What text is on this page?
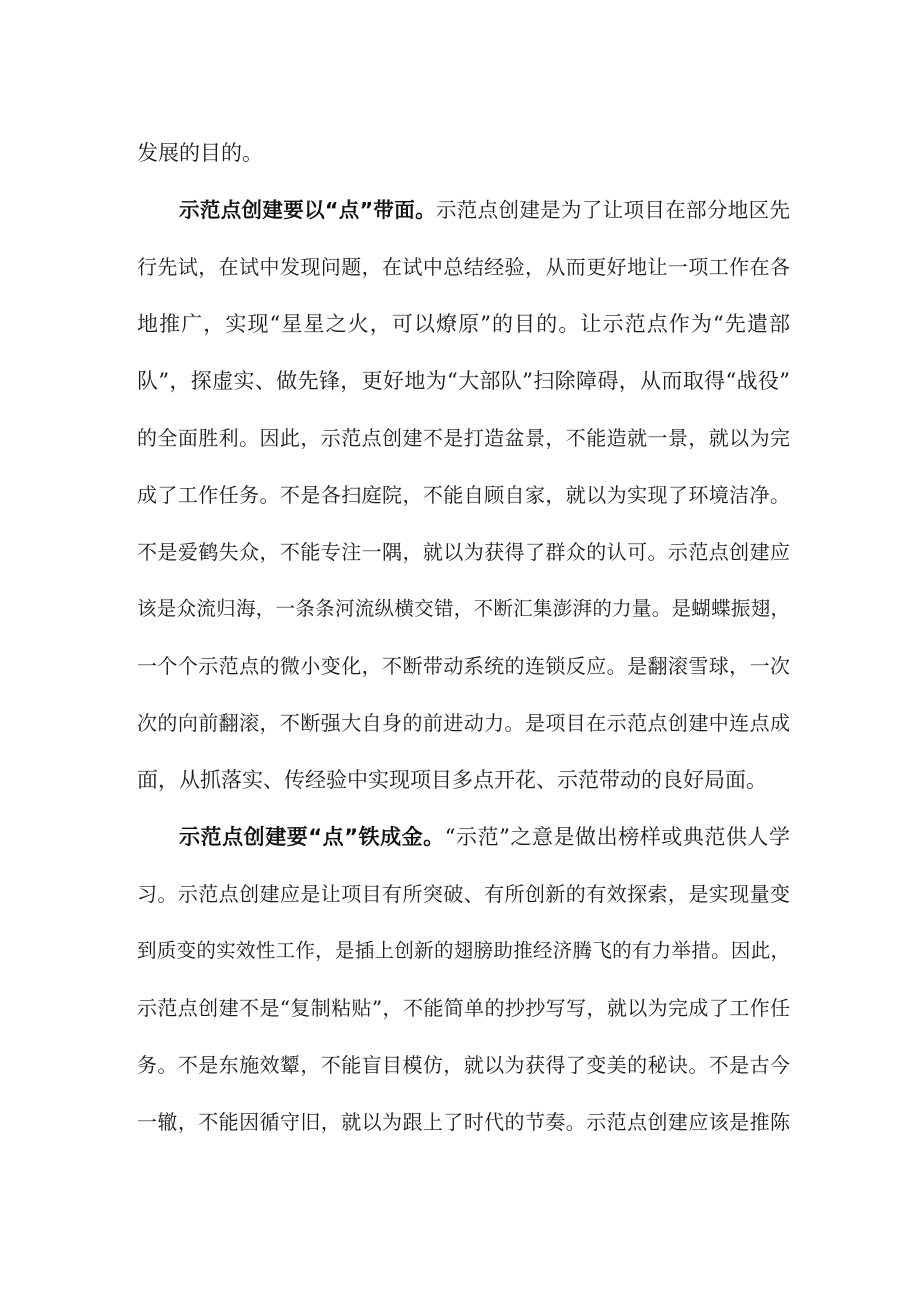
发展的目的。
示范点创建要以“点”带面。示范点创建是为了让项目在部分地区先
行先试，在试中发现问题，在试中总结经验，从而更好地让一项工作在各
地推广，实现“星星之火，可以燎原”的目的。让示范点作为“先遣部
队”，探虚实、做先锋，更好地为“大部队”扫除障碍，从而取得“战役”
的全面胜利。因此，示范点创建不是打造盆景，不能造就一景，就以为完
成了工作任务。不是各扫庭院，不能自顾自家，就以为实现了环境洁净。
不是爱鹤失众，不能专注一隅，就以为获得了群众的认可。示范点创建应
该是众流归海，一条条河流纵横交错，不断汇集澎湃的力量。是蝴蝶振翅，
一个个示范点的微小变化，不断带动系统的连锁反应。是翻滚雪球，一次
次的向前翻滚，不断强大自身的前进动力。是项目在示范点创建中连点成
面，从抓落实、传经验中实现项目多点开花、示范带动的良好局面。
示范点创建要“点”铁成金。“示范”之意是做出榜样或典范供人学
习。示范点创建应是让项目有所突破、有所创新的有效探索，是实现量变
到质变的实效性工作，是插上创新的翅膀助推经济腾飞的有力举措。因此，
示范点创建不是“复制粘贴”，不能简单的抄抄写写，就以为完成了工作任
务。不是东施效颦，不能盲目模仿，就以为获得了变美的秘诀。不是古今
一辙，不能因循守旧，就以为跟上了时代的节奏。示范点创建应该是推陈
